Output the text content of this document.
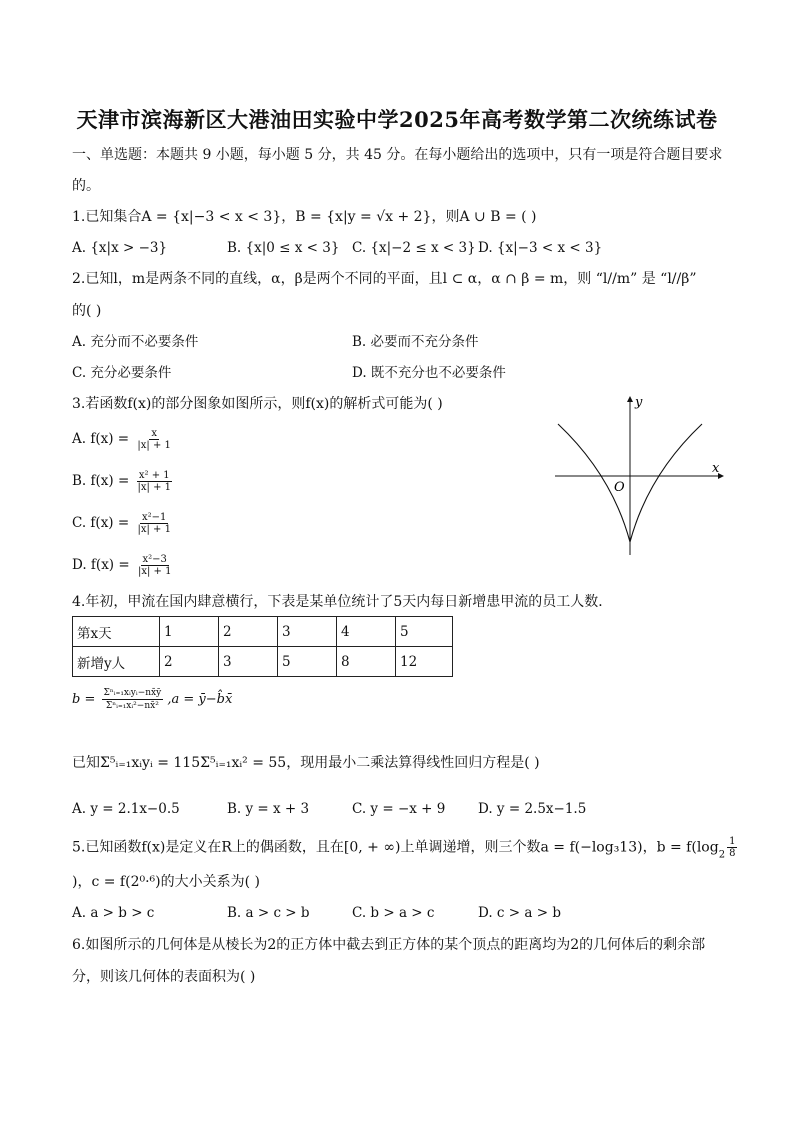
天津市滨海新区大港油田实验中学2025年高考数学第二次统练试卷
一、单选题：本题共 9 小题，每小题 5 分，共 45 分。在每小题给出的选项中，只有一项是符合题目要求
的。
1.已知集合A = {x|−3 < x < 3}，B = {x|y = √x + 2}，则A ∪ B = ( )
A. {x|x > −3}	B. {x|0 ≤ x < 3} C. {x|−2 ≤ x < 3} D. {x|−3 < x < 3}
2.已知l，m是两条不同的直线，α，β是两个不同的平面，且l ⊂ α，α ∩ β = m，则 “l//m” 是 “l//β”
的( )
A. 充分而不必要条件	B. 必要而不充分条件
C. 充分必要条件	D. 既不充分也不必要条件
3.若函数f(x)的部分图象如图所示，则f(x)的解析式可能为( )
A. $f(x) = \frac{x}{|x| + 1}$
B. $f(x) = \frac{\text{x² + 1}}{|x| + 1}$
C. $f(x) = \frac{\text{x²−1}}{|x| + 1}$
D. $f(x) = \frac{\text{x²−3}}{|x| + 1}$
x
y
O
4.年初，甲流在国内肆意横行，下表是某单位统计了5天内每日新增患甲流的员工人数．
第x天	1	2	3	4	5
新增y人	2	3	5	8	12
$b = \frac{\text{Σⁿᵢ₌₁xᵢyᵢ−nx̄ȳ}}{\text{Σⁿᵢ₌₁xᵢ²−nx̄²}} ,a$ = ȳ−b̂x̄
已知Σ⁵ᵢ₌₁xᵢyᵢ = 115Σ⁵ᵢ₌₁xᵢ² = 55，现用最小二乘法算得线性回归方程是( )
A. y = 2.1x−0.5	B. y = x + 3	C. y = −x + 9 D. y = 2.5x−1.5
5.已知函数f(x)是定义在R上的偶函数，且在[0, + ∞)上单调递增，则三个数a = f(−log₃13)，$b = f(\log_2 \frac{1}{8}$
)，c = f(2⁰·⁶)的大小关系为( )
A. a > b > c	B. a > c > b	C. b > a > c	D. c > a > b
6.如图所示的几何体是从棱长为2的正方体中截去到正方体的某个顶点的距离均为2的几何体后的剩余部
分，则该几何体的表面积为( )
